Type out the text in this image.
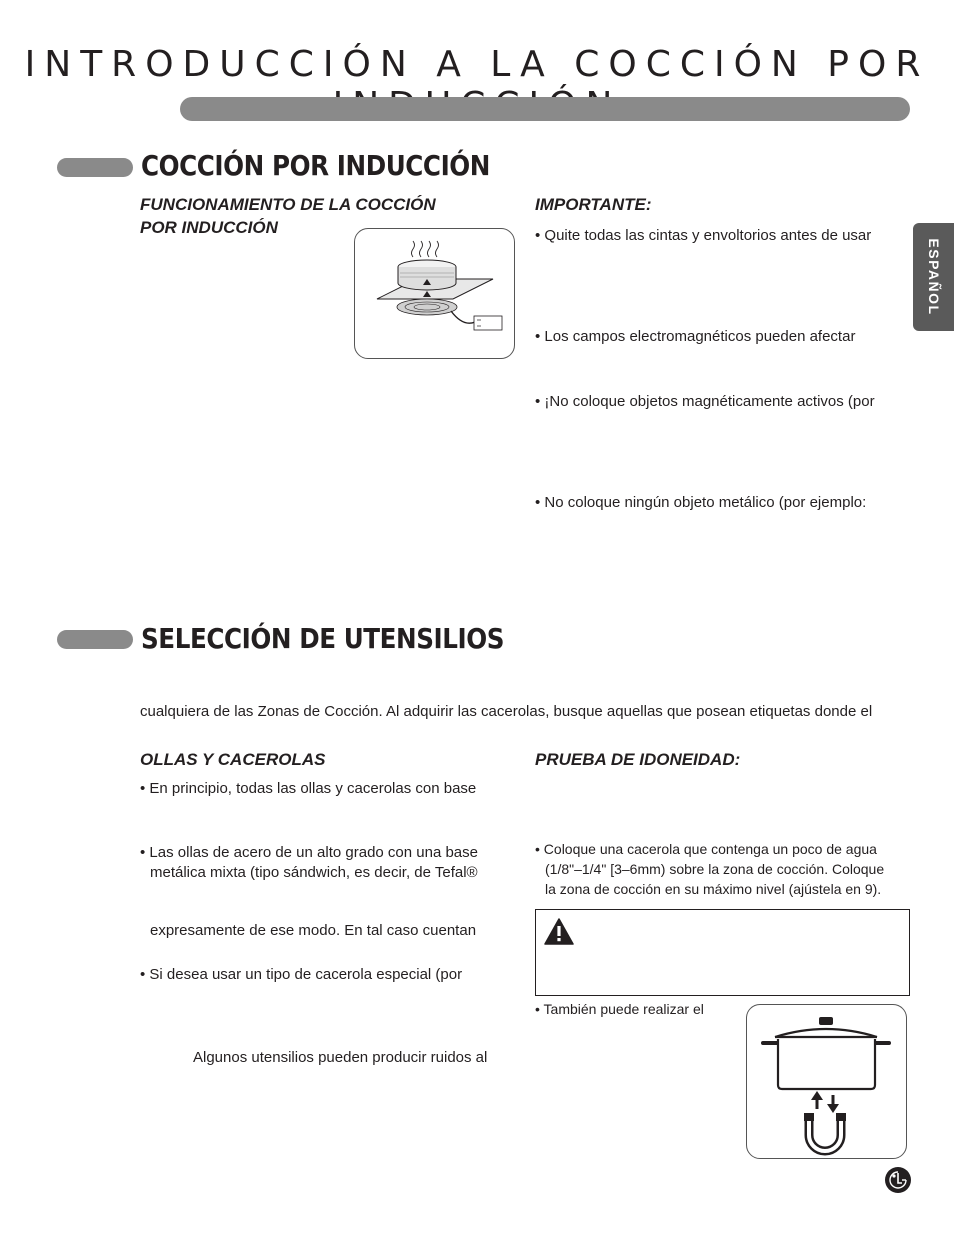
INTRODUCCIÓN A LA COCCIÓN POR
ESPAÑOL
COCCIÓN POR INDUCCIÓN

FUNCIONAMIENTO DE LA COCCIÓN

POR INDUCCIÓN

IMPORTANTE:

• Quite todas las cintas y envoltorios antes de usar

• Los campos electromagnéticos pueden afectar

• ¡No coloque objetos magnéticamente activos (por

• No coloque ningún objeto metálico (por ejemplo:

SELECCIÓN DE UTENSILIOS

cualquiera de las Zonas de Cocción. Al adquirir las cacerolas, busque aquellas que posean etiquetas donde el

OLLAS Y CACEROLAS

• En principio, todas las ollas y cacerolas con base

• Las ollas de acero de un alto grado con una base

metálica mixta (tipo sándwich, es decir, de Tefal®

expresamente de ese modo. En tal caso cuentan

• Si desea usar un tipo de cacerola especial (por

Algunos utensilios pueden producir ruidos al

PRUEBA DE IDONEIDAD:

• Coloque una cacerola que contenga un poco de agua

(1/8"–1/4" [3–6mm) sobre la zona de cocción. Coloque

la zona de cocción en su máximo nivel (ajústela en 9).

• También puede realizar el
